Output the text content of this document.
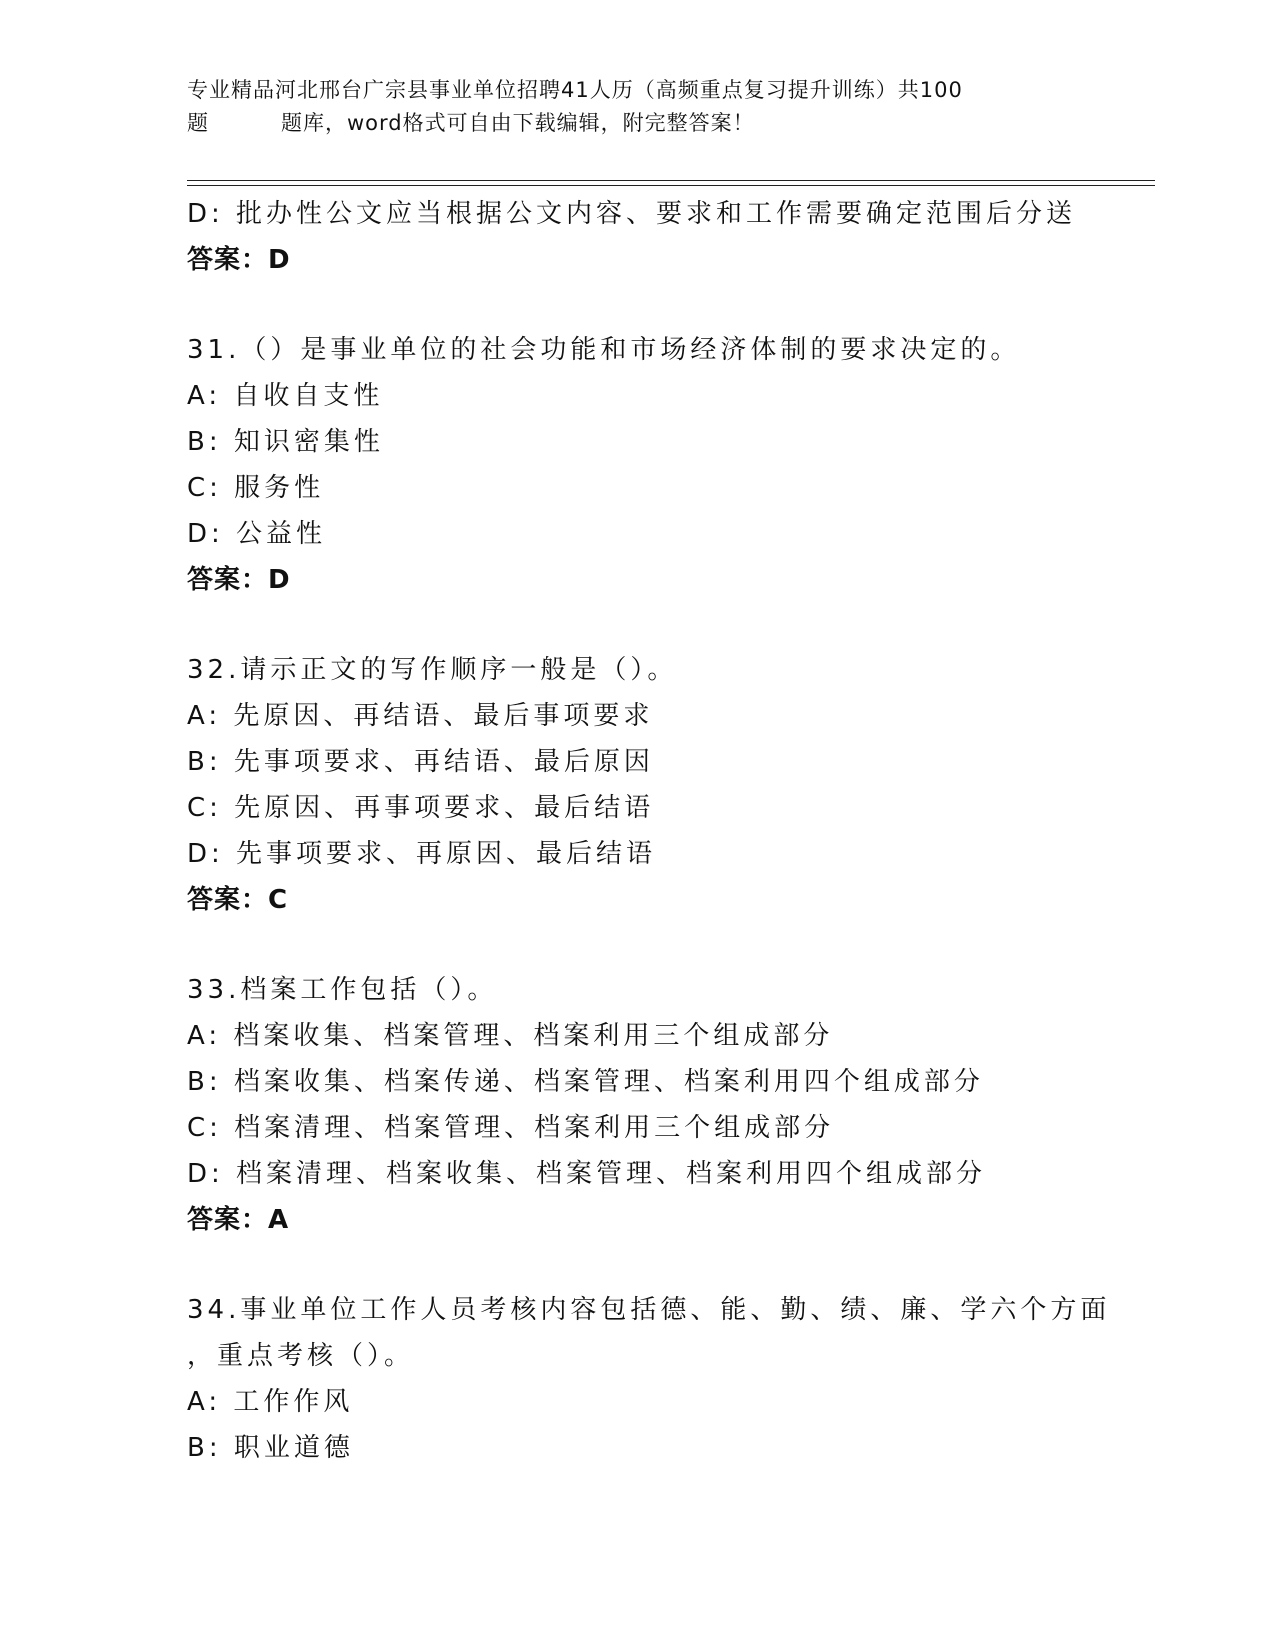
专业精品河北邢台广宗县事业单位招聘41人历（高频重点复习提升训练）共100
题	题库，word格式可自由下载编辑，附完整答案！
D: 批办性公文应当根据公文内容、要求和工作需要确定范围后分送
答案：D
31.（）是事业单位的社会功能和市场经济体制的要求决定的。
A: 自收自支性
B: 知识密集性
C: 服务性
D: 公益性
答案：D
32.请示正文的写作顺序一般是（）。
A: 先原因、再结语、最后事项要求
B: 先事项要求、再结语、最后原因
C: 先原因、再事项要求、最后结语
D: 先事项要求、再原因、最后结语
答案：C
33.档案工作包括（）。
A: 档案收集、档案管理、档案利用三个组成部分
B: 档案收集、档案传递、档案管理、档案利用四个组成部分
C: 档案清理、档案管理、档案利用三个组成部分
D: 档案清理、档案收集、档案管理、档案利用四个组成部分
答案：A
34.事业单位工作人员考核内容包括德、能、勤、绩、廉、学六个方面
，重点考核（）。
A: 工作作风
B: 职业道德
